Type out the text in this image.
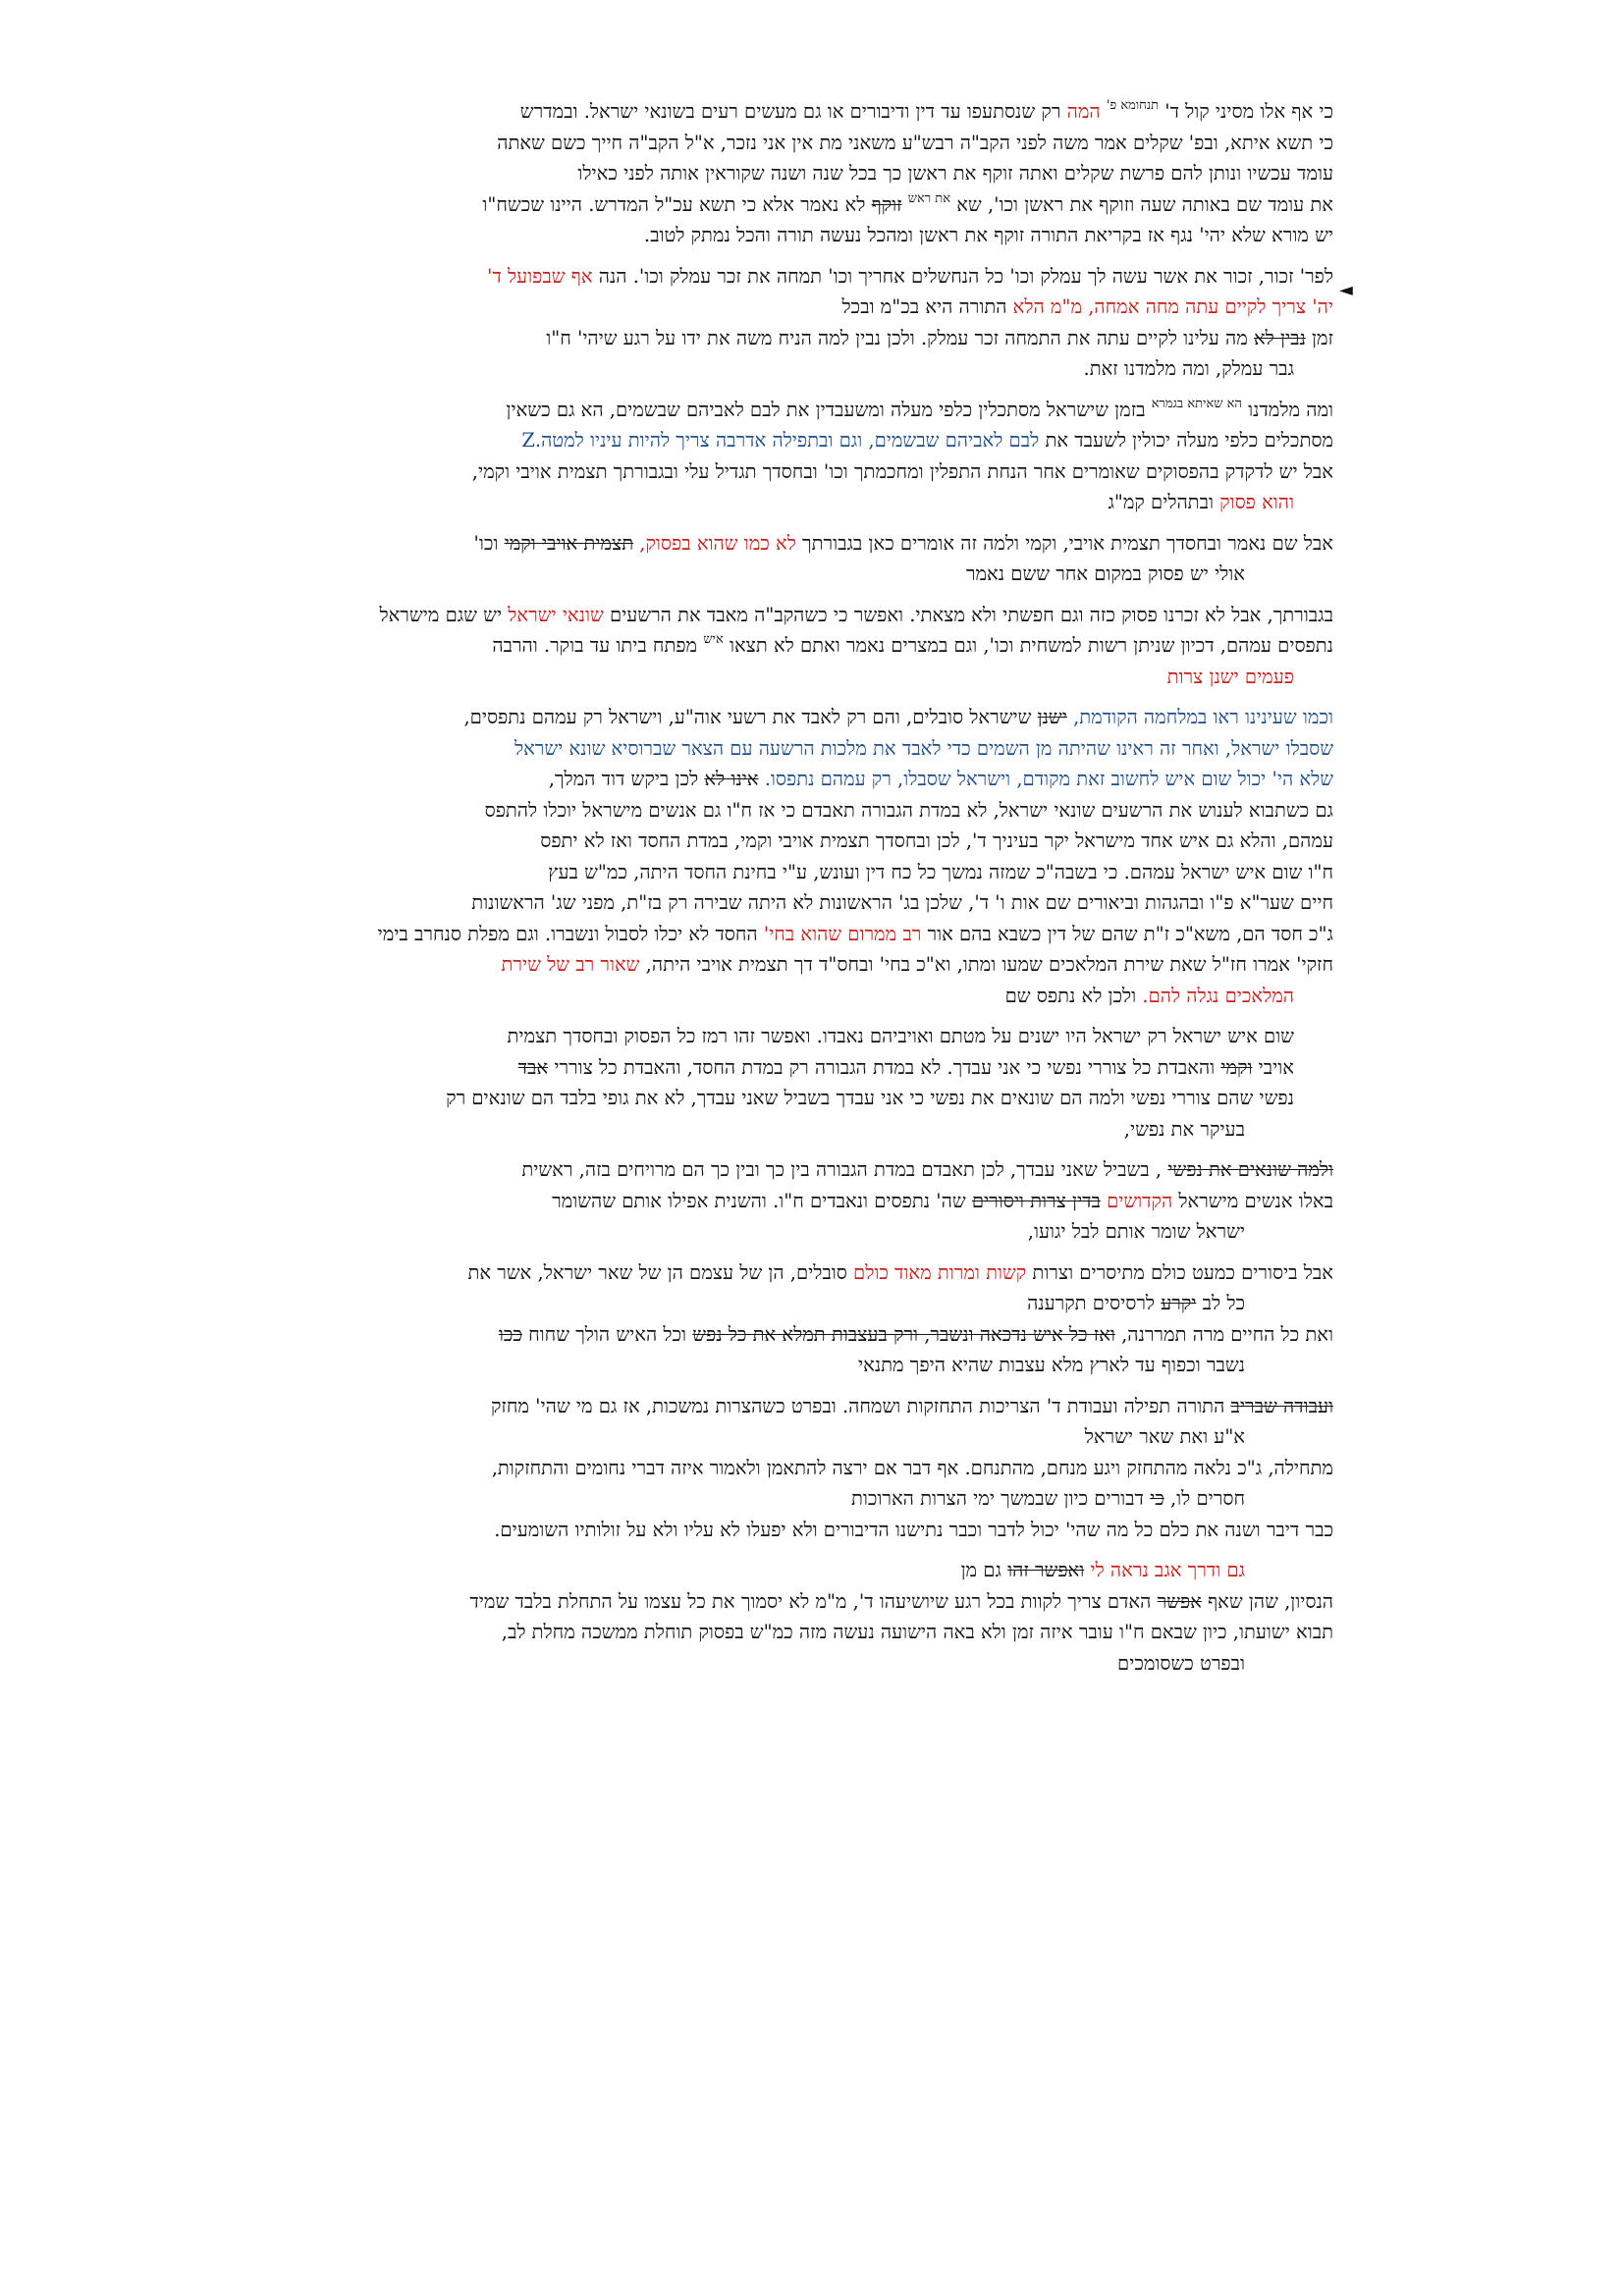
◄
כי אף אלו מסיני קול ד' $^{תנחומא פ'}$ המה רק שנסתעפו עד דין ודיבורים או גם מעשים רעים בשונאי ישראל. ובמדרש
כי תשא איתא, ובפ' שקלים אמר משה לפני הקב"ה רבש"ע משאני מת אין אני נזכר, א"ל הקב"ה חייך כשם שאתה
עומד עכשיו ונותן להם פרשת שקלים ואתה זוקף את ראשן כך בכל שנה ושנה שקוראין אותה לפני כאילו
את עומד שם באותה שעה וזוקף את ראשן וכו', שא $^{את ראש}$ זוקף לא נאמר אלא כי תשא עכ"ל המדרש. היינו שכשח"ו
יש מורא שלא יהי' נגף אז בקריאת התורה זוקף את ראשן ומהכל נעשה תורה והכל נמתק לטוב.
לפר' זכור, זכור את אשר עשה לך עמלק וכו' כל הנחשלים אחריך וכו' תמחה את זכר עמלק וכו'. הנה אף שבפועל ד'
יה' צריך לקיים עתה מחה אמחה, מ"מ הלא התורה היא בכ"מ ובכל
זמן נבין לא מה עלינו לקיים עתה את התמחה זכר עמלק. ולכן נבין למה הניח משה את ידו על רגע שיהי' ח"ו
גבר עמלק, ומה מלמדנו זאת.
ומה מלמדנו $^{הא שאיתא בגמרא}$ בזמן שישראל מסתכלין כלפי מעלה ומשעבדין את לבם לאביהם שבשמים, הא גם כשאין
מסתכלים כלפי מעלה יכולין לשעבד את לבם לאביהם שבשמים, וגם ובתפילה אדרבה צריך להיות עיניו למטה.Z
אבל יש לדקדק בהפסוקים שאומרים אחר הנחת התפלין ומחכמתך וכו' ובחסדך תגדיל עלי ובגבורתך תצמית אויבי וקמי,
והוא פסוק ובתהלים קמ"ג
אבל שם נאמר ובחסדך תצמית אויבי, וקמי ולמה זה אומרים כאן בגבורתך לא כמו שהוא בפסוק, תצמית אויבי וקמי וכו'
אולי יש פסוק במקום אחר ששם נאמר
בגבורתך, אבל לא זכרנו פסוק כזה וגם חפשתי ולא מצאתי. ואפשר כי כשהקב"ה מאבד את הרשעים שונאי ישראל יש שגם מישראל
נתפסים עמהם, דכיון שניתן רשות למשחית וכו', וגם במצרים נאמר ואתם לא תצאו $^{איש}$ מפתח ביתו עד בוקר. והרבה
פעמים ישנן צרות
וכמו שעינינו ראו במלחמה הקודמת, ישנן שישראל סובלים, והם רק לאבד את רשעי אוה"ע, וישראל רק עמהם נתפסים,
שסבלו ישראל, ואחר זה ראינו שהיתה מן השמים כדי לאבד את מלכות הרשעה עם הצאר שברוסיא שונא ישראל
שלא הי' יכול שום איש לחשוב זאת מקודם, וישראל שסבלו, רק עמהם נתפסו. אינו לא לכן ביקש דוד המלך,
גם כשתבוא לענוש את הרשעים שונאי ישראל, לא במדת הגבורה תאבדם כי אז ח"ו גם אנשים מישראל יוכלו להתפס
עמהם, והלא גם איש אחד מישראל יקר בעיניך ד', לכן ובחסדך תצמית אויבי וקמי, במדת החסד ואז לא יתפס
ח"ו שום איש ישראל עמהם. כי בשבה"כ שמזה נמשך כל כח דין ועונש, ע"י בחינת החסד היתה, כמ"ש בעץ
חיים שער"א פ"ו ובהגהות וביאורים שם אות ו' ד', שלכן בג' הראשונות לא היתה שבירה רק בז"ת, מפני שג' הראשונות
ג"כ חסד הם, משא"כ ז"ת שהם של דין כשבא בהם אור רב ממרום שהוא בחי' החסד לא יכלו לסבול ונשברו. וגם מפלת סנחרב בימי
חזקי' אמרו חז"ל שאת שירת המלאכים שמעו ומתו, וא"כ בחי' ובחס"ד דך תצמית אויבי היתה, שאור רב של שירת
המלאכים נגלה להם. ולכן לא נתפס שם
שום איש ישראל רק ישראל היו ישנים על מטתם ואויביהם נאבדו. ואפשר זהו רמז כל הפסוק ובחסדך תצמית
אויבי וקמי והאבדת כל צוררי נפשי כי אני עבדך. לא במדת הגבורה רק במדת החסד, והאבדת כל צוררי אבד
נפשי שהם צוררי נפשי ולמה הם שונאים את נפשי כי אני עבדך בשביל שאני עבדך, לא את גופי בלבד הם שונאים רק
בעיקר את נפשי,
ולמה שונאים את נפשי , בשביל שאני עבדך, לכן תאבדם במדת הגבורה בין כך ובין כך הם מרויחים בזה, ראשית
באלו אנשים מישראל הקדושים בדין צרות ויסורים שה' נתפסים ונאבדים ח"ו. והשנית אפילו אותם שהשומר
ישראל שומר אותם לבל יגועו,
אבל ביסורים כמעט כולם מתיסרים וצרות קשות ומרות מאוד כולם סובלים, הן של עצמם הן של שאר ישראל, אשר את
כל לב יקרע לרסיסים תקרענה
ואת כל החיים מרה תמררנה, ואז כל איש נדכאה ונשבר, ורק בעצבות תמלא את כל נפש וכל האיש הולך שחוח ככו
נשבר וכפוף עד לארץ מלא עצבות שהיא היפך מתנאי
ועבודה שבריב התורה תפילה ועבודת ד' הצריכות התחזקות ושמחה. ובפרט כשהצרות נמשכות, אז גם מי שהי' מחזק
א"ע ואת שאר ישראל
מתחילה, ג"כ נלאה מהתחזק ויגע מנחם, מהתנחם. אף דבר אם ירצה להתאמן ולאמור איזה דברי נחומים והתחזקות,
חסרים לו, כי דבורים כיון שבמשך ימי הצרות הארוכות
כבר דיבר ושנה את כלם כל מה שהי' יכול לדבר וכבר נתישנו הדיבורים ולא יפעלו לא עליו ולא על זולותיו השומעים.
גם ודרך אגב נראה לי ואפשר זהו גם מן
הנסיון, שהן שאף אפשר האדם צריך לקוות בכל רגע שיושיעהו ד', מ"מ לא יסמוך את כל עצמו על התחלת בלבד שמיד
תבוא ישועתו, כיון שבאם ח"ו עובר איזה זמן ולא באה הישועה נעשה מזה כמ"ש בפסוק תוחלת ממשכה מחלת לב,
ובפרט כשסומכים
